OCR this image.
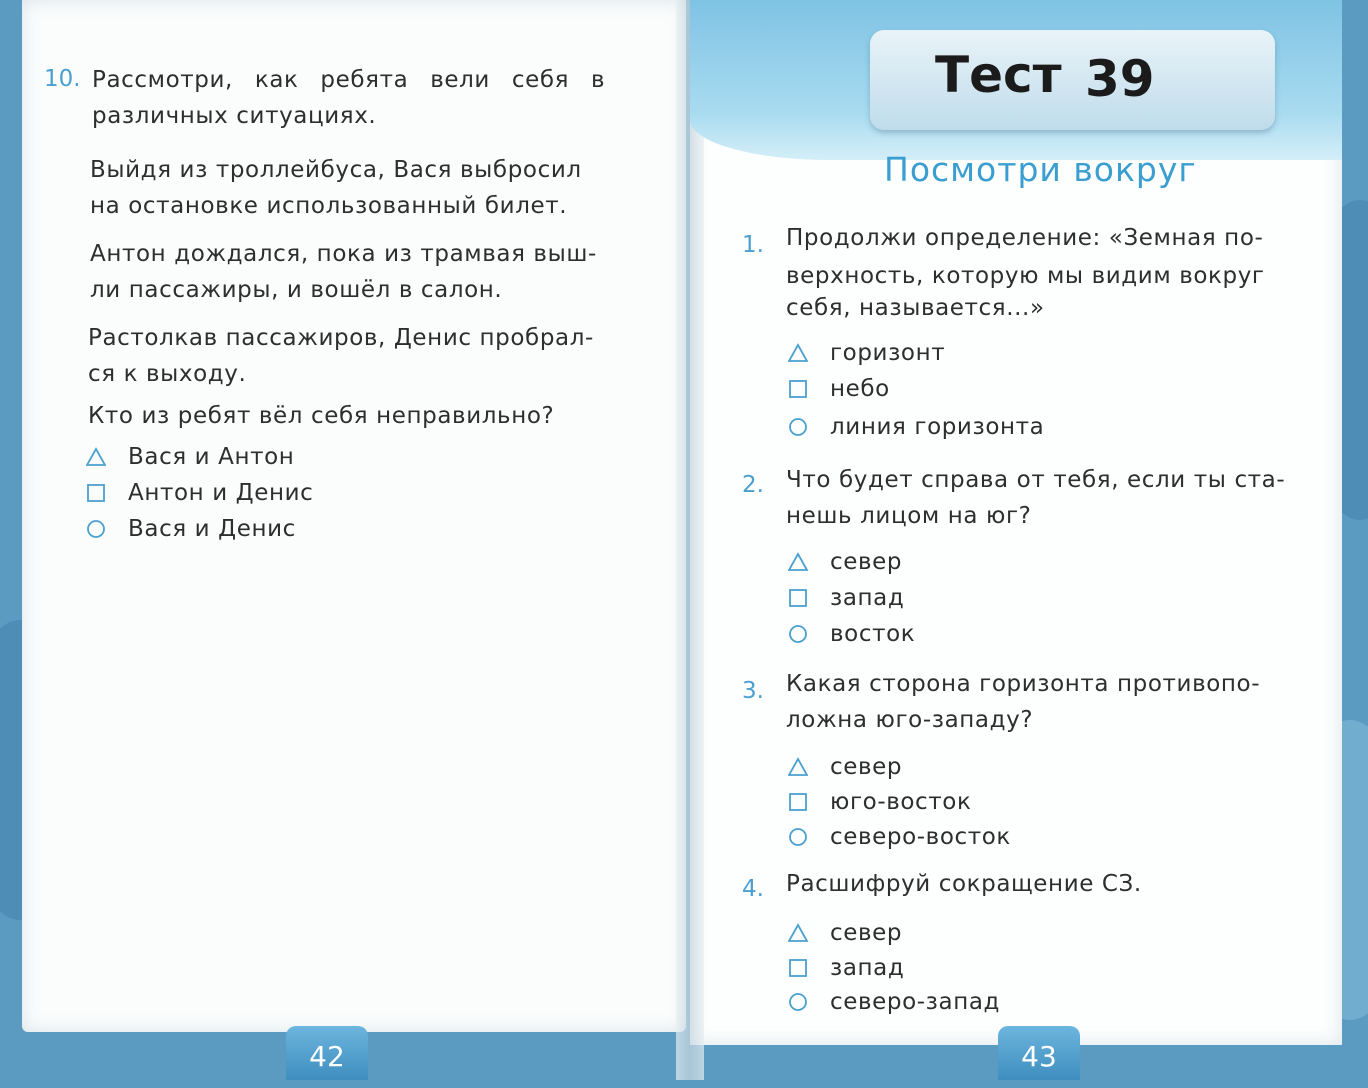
10. Рассмотри, как ребята вели себя в
различных ситуациях.
Выйдя из троллейбуса, Вася выбросил
на остановке использованный билет.
Антон дождался, пока из трамвая выш-
ли пассажиры, и вошёл в салон.
Растолкав пассажиров, Денис пробрал-
ся к выходу.
Кто из ребят вёл себя неправильно?
Вася и Антон
Антон и Денис
Вася и Денис
42
Тест 39
Посмотри вокруг
1. Продолжи определение: «Земная по-
верхность, которую мы видим вокруг
себя, называется...»
горизонт
небо
линия горизонта
2. Что будет справа от тебя, если ты ста-
нешь лицом на юг?
север
запад
восток
3. Какая сторона горизонта противопо-
ложна юго-западу?
север
юго-восток
северо-восток
4. Расшифруй сокращение СЗ.
север
запад
северо-запад
43
